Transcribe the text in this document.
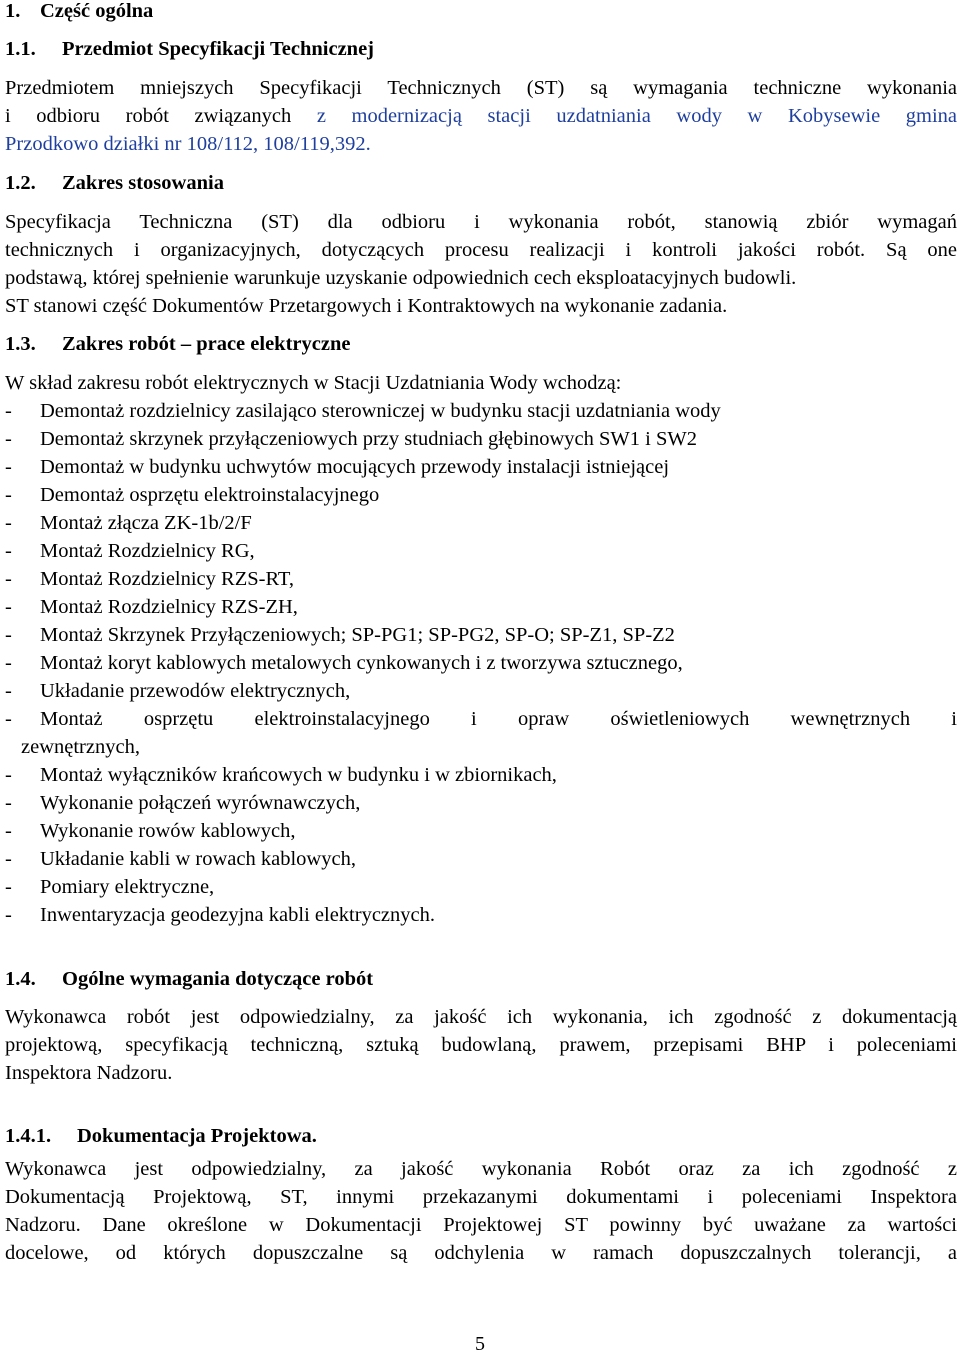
1. Część ogólna
1.1. Przedmiot Specyfikacji Technicznej
Przedmiotem mniejszych Specyfikacji Technicznych (ST) są wymagania techniczne wykonania
i odbioru robót związanych z modernizacją stacji uzdatniania wody w Kobysewie gmina
Przodkowo działki nr 108/112, 108/119,392.
1.2. Zakres stosowania
Specyfikacja Techniczna (ST) dla odbioru i wykonania robót, stanowią zbiór wymagań
technicznych i organizacyjnych, dotyczących procesu realizacji i kontroli jakości robót. Są one
podstawą, której spełnienie warunkuje uzyskanie odpowiednich cech eksploatacyjnych budowli.
ST stanowi część Dokumentów Przetargowych i Kontraktowych na wykonanie zadania.
1.3. Zakres robót – prace elektryczne
W skład zakresu robót elektrycznych w Stacji Uzdatniania Wody wchodzą:
- Demontaż rozdzielnicy zasilająco sterowniczej w budynku stacji uzdatniania wody
- Demontaż skrzynek przyłączeniowych przy studniach głębinowych SW1 i SW2
- Demontaż w budynku uchwytów mocujących przewody instalacji istniejącej
- Demontaż osprzętu elektroinstalacyjnego
- Montaż złącza ZK-1b/2/F
- Montaż Rozdzielnicy RG,
- Montaż Rozdzielnicy RZS-RT,
- Montaż Rozdzielnicy RZS-ZH,
- Montaż Skrzynek Przyłączeniowych; SP-PG1; SP-PG2, SP-O; SP-Z1, SP-Z2
- Montaż koryt kablowych metalowych cynkowanych i z tworzywa sztucznego,
- Układanie przewodów elektrycznych,
- Montaż osprzętu elektroinstalacyjnego i opraw oświetleniowych wewnętrznych i
zewnętrznych,
- Montaż wyłączników krańcowych w budynku i w zbiornikach,
- Wykonanie połączeń wyrównawczych,
- Wykonanie rowów kablowych,
- Układanie kabli w rowach kablowych,
- Pomiary elektryczne,
- Inwentaryzacja geodezyjna kabli elektrycznych.
1.4. Ogólne wymagania dotyczące robót
Wykonawca robót jest odpowiedzialny, za jakość ich wykonania, ich zgodność z dokumentacją
projektową, specyfikacją techniczną, sztuką budowlaną, prawem, przepisami BHP i poleceniami
Inspektora Nadzoru.
1.4.1. Dokumentacja Projektowa.
Wykonawca jest odpowiedzialny, za jakość wykonania Robót oraz za ich zgodność z
Dokumentacją Projektową, ST, innymi przekazanymi dokumentami i poleceniami Inspektora
Nadzoru. Dane określone w Dokumentacji Projektowej ST powinny być uważane za wartości
docelowe, od których dopuszczalne są odchylenia w ramach dopuszczalnych tolerancji, a
5
